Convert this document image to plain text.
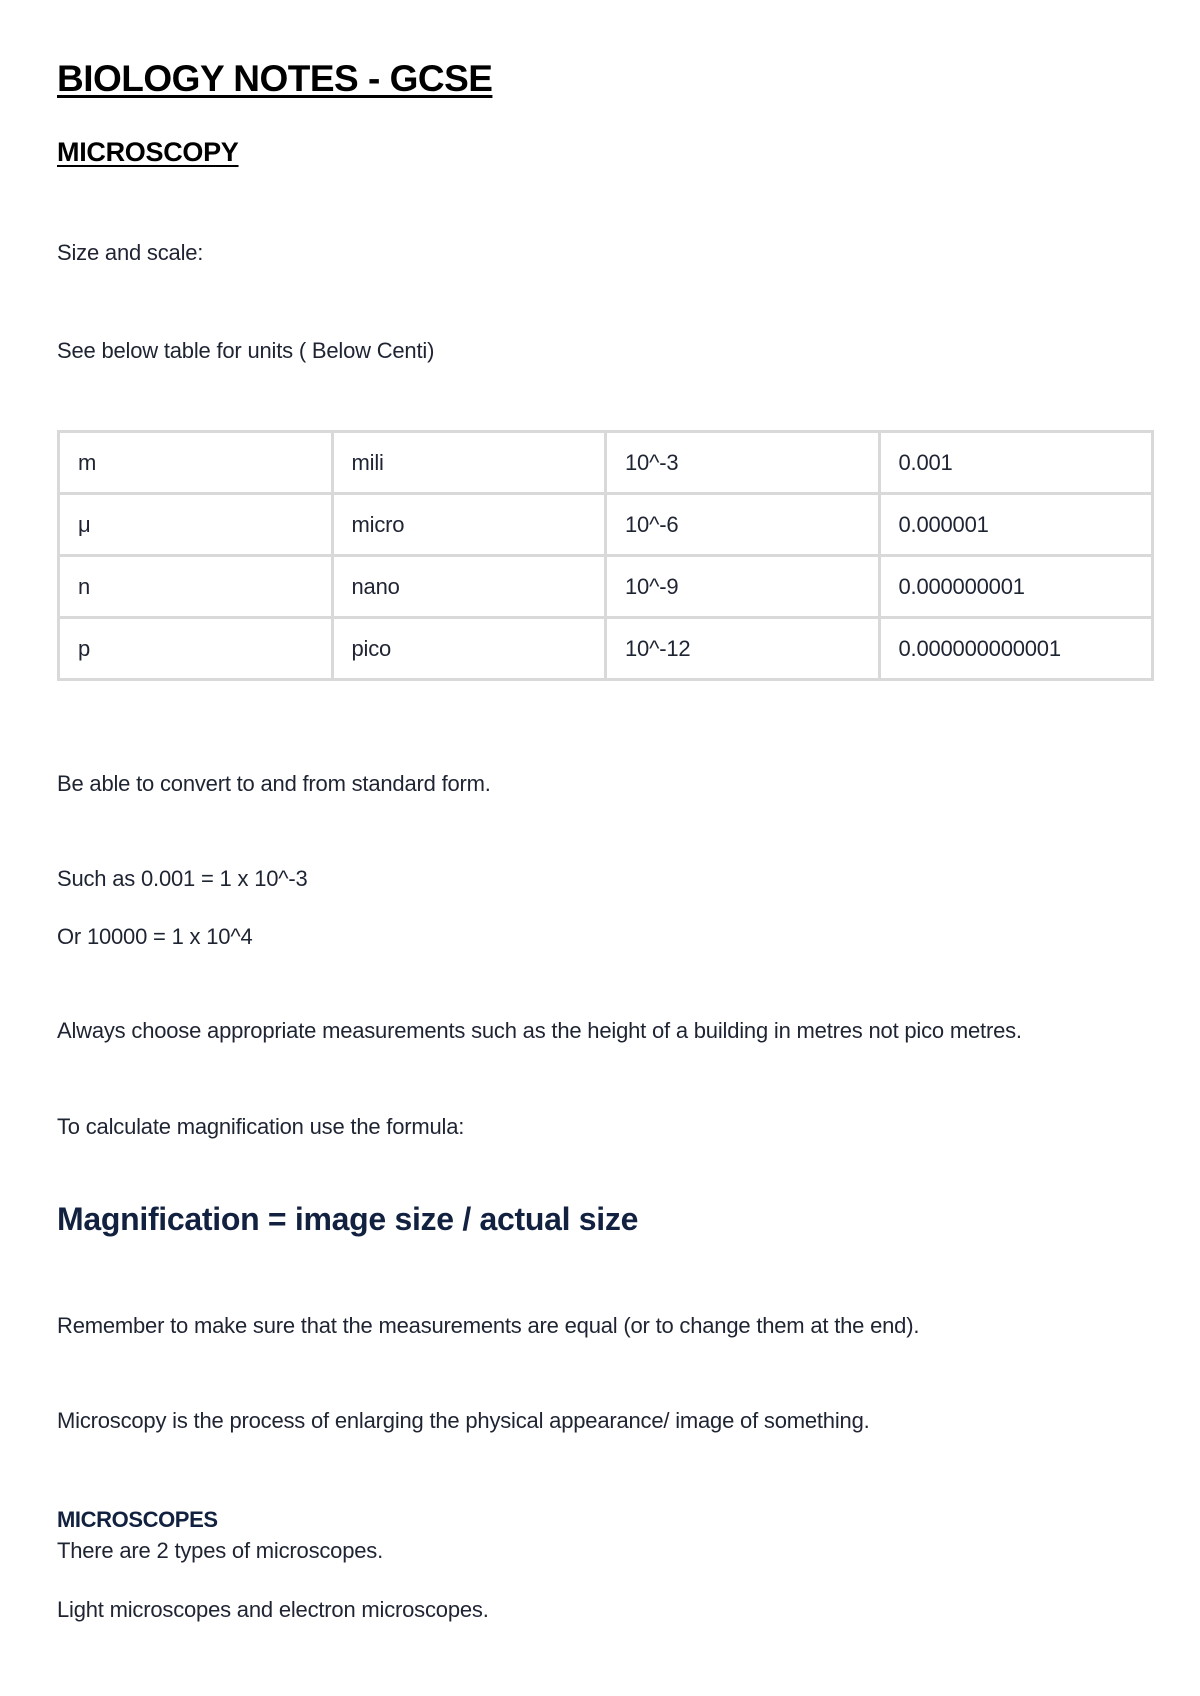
BIOLOGY NOTES - GCSE
MICROSCOPY

Size and scale:

See below table for units ( Below Centi)

m	mili	10^-3	0.001
μ	micro	10^-6	0.000001
n	nano	10^-9	0.000000001
p	pico	10^-12	0.000000000001

Be able to convert to and from standard form.

Such as 0.001 = 1 x 10^-3

Or 10000 = 1 x 10^4

Always choose appropriate measurements such as the height of a building in metres not pico metres.

To calculate magnification use the formula:

Magnification = image size / actual size

Remember to make sure that the measurements are equal (or to change them at the end).

Microscopy is the process of enlarging the physical appearance/ image of something.

MICROSCOPES

There are 2 types of microscopes.

Light microscopes and electron microscopes.
